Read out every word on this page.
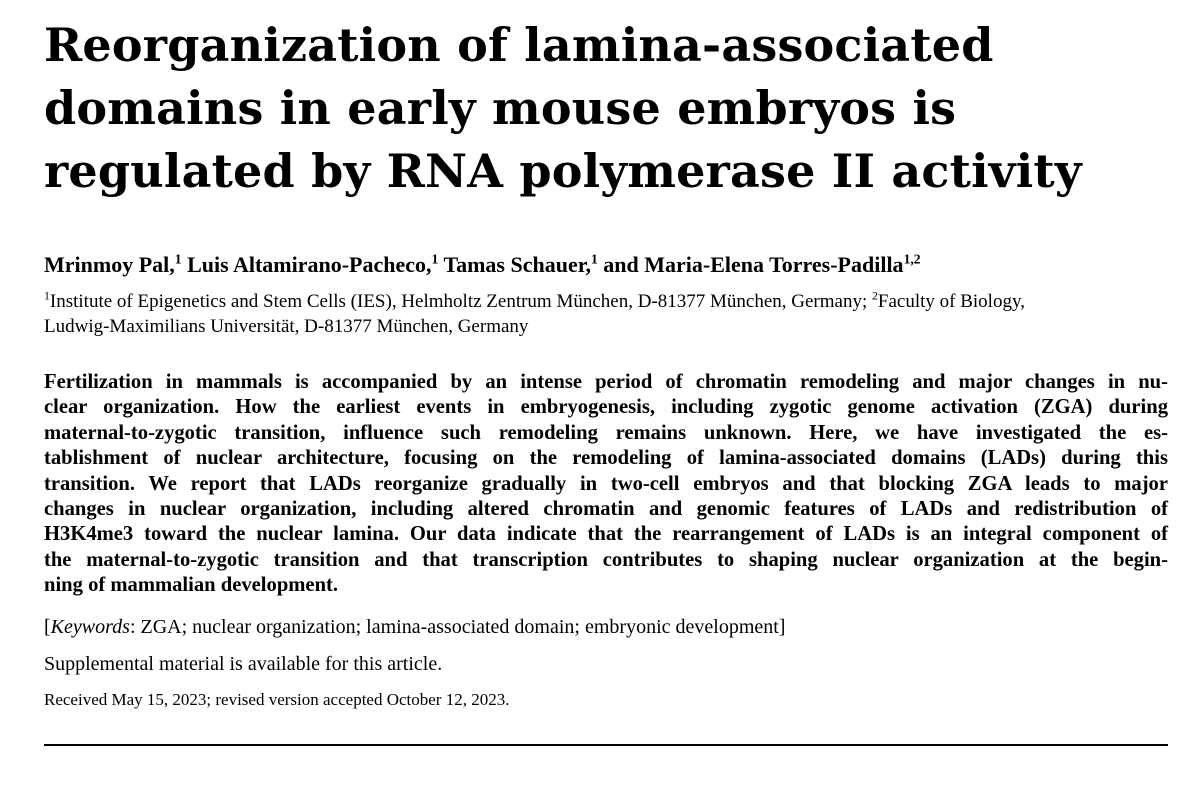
Reorganization of lamina-associated
domains in early mouse embryos is
regulated by RNA polymerase II activity
Mrinmoy Pal,$^1$ Luis Altamirano-Pacheco,$^1$ Tamas Schauer,$^1$ and Maria-Elena Torres-Padilla$^{1,2}$
$^1$Institute of Epigenetics and Stem Cells (IES), Helmholtz Zentrum München, D-81377 München, Germany; $^2$Faculty of Biology,
Ludwig-Maximilians Universität, D-81377 München, Germany
Fertilization in mammals is accompanied by an intense period of chromatin remodeling and major changes in nu-
clear organization. How the earliest events in embryogenesis, including zygotic genome activation (ZGA) during
maternal-to-zygotic transition, influence such remodeling remains unknown. Here, we have investigated the es-
tablishment of nuclear architecture, focusing on the remodeling of lamina-associated domains (LADs) during this
transition. We report that LADs reorganize gradually in two-cell embryos and that blocking ZGA leads to major
changes in nuclear organization, including altered chromatin and genomic features of LADs and redistribution of
H3K4me3 toward the nuclear lamina. Our data indicate that the rearrangement of LADs is an integral component of
the maternal-to-zygotic transition and that transcription contributes to shaping nuclear organization at the begin-
ning of mammalian development.
[Keywords: ZGA; nuclear organization; lamina-associated domain; embryonic development]
Supplemental material is available for this article.
Received May 15, 2023; revised version accepted October 12, 2023.
